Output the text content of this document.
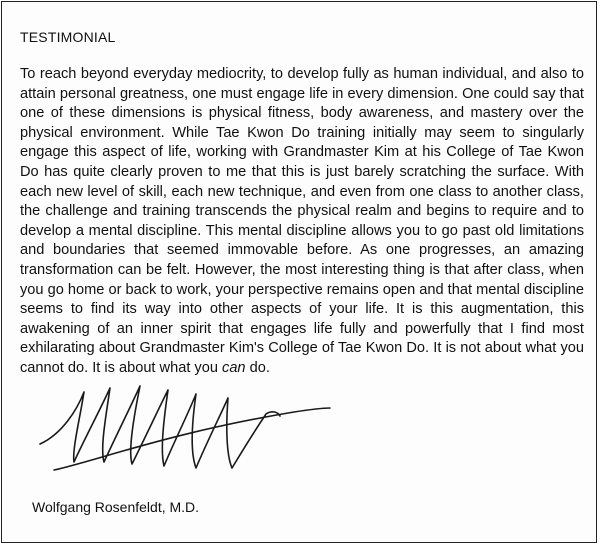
TESTIMONIAL

To reach beyond everyday mediocrity, to develop fully as human individual, and also to attain personal greatness, one must engage life in every dimension. One could say that one of these dimensions is physical fitness, body awareness, and mastery over the physical environment. While Tae Kwon Do training initially may seem to singularly engage this aspect of life, working with Grandmaster Kim at his College of Tae Kwon Do has quite clearly proven to me that this is just barely scratching the surface. With each new level of skill, each new technique, and even from one class to another class, the challenge and training transcends the physical realm and begins to require and to develop a mental discipline. This mental discipline allows you to go past old limitations and boundaries that seemed immovable before. As one progresses, an amazing transformation can be felt. However, the most interesting thing is that after class, when you go home or back to work, your perspective remains open and that mental discipline seems to find its way into other aspects of your life. It is this augmentation, this awakening of an inner spirit that engages life fully and powerfully that I find most exhilarating about Grandmaster Kim's College of Tae Kwon Do. It is not about what you cannot do. It is about what you can do.

Wolfgang Rosenfeldt, M.D.
